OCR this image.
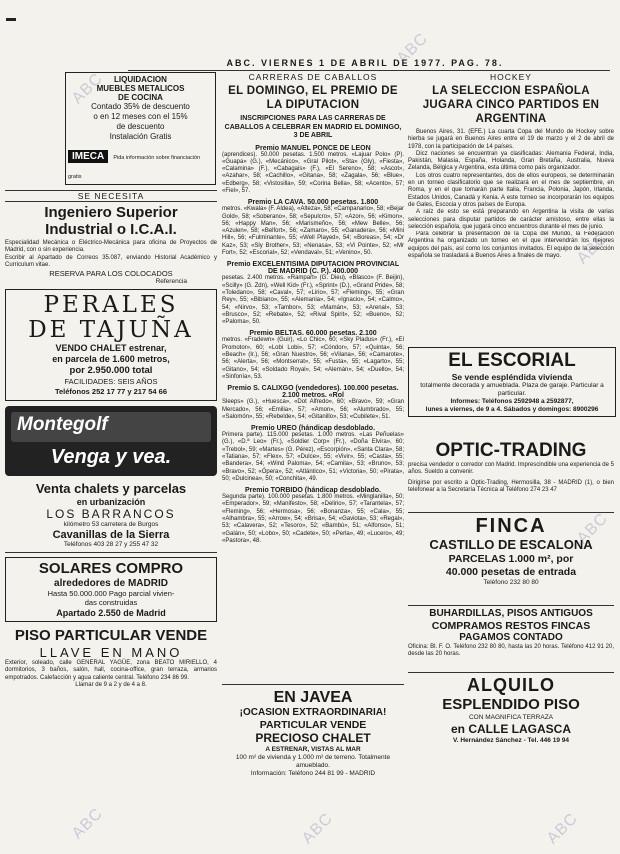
ABC
ABC
ABC
ABC
ABC	ABC	ABC
ABC. VIERNES 1 DE ABRIL DE 1977. PAG. 78.
LIQUIDACION
MUEBLES METALICOS
DE COCINA
Contado 35% de descuento
o en 12 meses con el 15%
de descuento
Instalación Gratis
IMECA Pida información sobre financiación gratis
SE NECESITA
Ingeniero Superior
Industrial o I.C.A.I.
Especialidad Mecánica o Eléctrico-Mecánica para oficina de Proyectos de Madrid, con o sin experiencia.
Escribir al Apartado de Correos 35.087, enviando Historial Académico y Curriculum vitae.
RESERVA PARA LOS COLOCADOS
Referencia
PERALES
DE TAJUÑA
VENDO CHALET estrenar,
en parcela de 1.600 metros,
por 2.950.000 total
FACILIDADES: SEIS AÑOS
Teléfonos 252 17 77 y 217 54 66
Montegolf
Venga y vea.
Venta chalets y parcelas
en urbanización
LOS BARRANCOS
kilómetro 53 carretera de Burgos
Cavanillas de la Sierra
Teléfonos 403 28 27 y 255 47 32
SOLARES COMPRO
alrededores de MADRID
Hasta 50.000.000 Pago parcial vivien-
das construidas
Apartado 2.550 de Madrid
PISO PARTICULAR VENDE
LLAVE EN MANO
Exterior, soleado, calle GENERAL YAGÜE, zona BEATO MIRIELLO, 4 dormitorios, 3 baños, salón, hall, cocina-office, gran terraza, armarios empotrados. Calefacción y agua caliente central. Teléfono 234 86 99.
Llamar de 9 a 2 y de 4 a 8.
CARRERAS DE CABALLOS
EL DOMINGO, EL PREMIO DE LA DIPUTACION
INSCRIPCIONES PARA LAS CARRERAS DE CABALLOS A CELEBRAR EN MADRID EL DOMINGO, 3 DE ABRIL
Premio MANUEL PONCE DE LEON
(aprendices). 50.000 pesetas. 1.500 metros. «Lajuar Polo» (P). «Guapa» (G.), «Mecánico», «Gral Pilot», «Sta» (Gly), «Fiesta», «Calamina» (F.), «Cabagais» (F.), «El Sereno», 58; «Ascot», «Azahar», 58; «Cachillo», «Gitana», 58; «Zagala», 56; «Blue», «Edberg», 58; «Vistosilla», 59; «Corina Bella», 58; «Acento», 57; «Fiel», 57.
Premio LA CAVA. 50.000 pesetas. 1.800
metros. «Kwala» (F. Aldea), «Alteza», 58; «Campanario», 58; «Bejar Gold», 58; «Soberano», 58; «Sepulcro», 57; «Azor», 56; «Kimon», 56; «Happy Man», 56; «Marismeño», 56; «Mew Belle», 56; «Azulen», 58; «Belfort», 56; «Zamaro», 55; «Ganadera», 56; «Mini Hill», 56; «Fulminante», 55; «Well Played», 54; «Boreas», 54; «Dr Kaz», 53; «Sly Brother», 53; «Nenasa», 53; «Vi Pointe», 52; «Mr Fort», 52; «Escorial», 52; «Vendaval», 51; «Venino», 50.
Premio EXCELENTISIMA DIPUTACION PROVINCIAL DE MADRID (C. P.). 400.000
pesetas. 2.400 metros. «Rampart» (G. Dieu), «Blasco» (F. Beijin), «Scilly» (G. Zdn), «Well Kid» (Fr.), «Sprint» (D.), «Grand Pride», 58; «Toledano», 58; «Caval», 57; «Lirio», 57; «Fleming», 55; «Gran Rey», 55; «Bibiano», 55; «Alemania», 54; «Ignacio», 54; «Calmo», 54; «Nirvo», 53; «Tambor», 53; «Mamán», 53; «Arenal», 53; «Brusco», 52; «Rebate», 52; «Rival Spirit», 52; «Bueno», 52; «Paloma», 50.
Premio BELTAS. 60.000 pesetas. 2.100
metros. «Fradewn» (Guir), «Lo Chic», 60; «Sky Pladus» (Fr.), «El Promotor», 60; «Lobi Lobi», 57; «Cóndor», 57; «Quinta», 56; «Beach» (Ir.), 56; «Gran Nuestro», 56; «Vilana», 56; «Camarote», 56; «Alerta», 56; «Montserrat», 55; «Fusta», 55; «Lagarto», 55; «Gitano», 54; «Soldado Royal», 54; «Alemán», 54; «Duello», 54; «Sinfonía», 53.
Premio S. CALIXGO (vendedores). 100.000 pesetas. 2.100 metros. «Rol
Sleeps» (G.), «Huesca», «Dot Alfredo», 60; «Bravo», 59; «Gran Mercado», 56; «Emilia», 57; «Amon», 56; «Alumbrado», 55; «Salomón», 55; «Rebelde», 54; «Gitanillo», 53; «Cubilete», 51.
Premio UREO (hándicap desdoblado.
Primera parte). 115.000 pesetas. 1.000 metros. «Las Peñuelas» (G.), «D.ª Leo» (Fr.), «Soldier Corp» (Fr.), «Doña Elvira», 60; «Trebol», 59; «Martes» (G. Pérez), «Escorpión», «Santa Clara», 58; «Tatiana», 57; «Flex», 57; «Dulce», 55; «Vivir», 55; «Casta», 55; «Bandera», 54; «Wind Paloma», 54; «Camila», 53; «Bruno», 53; «Bravo», 52; «Ópera», 52; «Atlántico», 51; «Victoria», 50; «Pirata», 50; «Dulcinea», 50; «Conchita», 49.
Premio TORBIDO (hándicap desdoblado.
Segunda parte). 100.000 pesetas. 1.800 metros. «Minglanilla», 50; «Emperador», 59; «Manifesto», 58; «Delirio», 57; «Tarantela», 57; «Fleming», 56; «Hermosa», 56; «Bonanza», 55; «Cala», 55; «Alhambra», 55; «Arrow», 54; «Brisa», 54; «Gaviota», 53; «Regal», 53; «Calavera», 52; «Tesoro», 52; «Bambú», 51; «Alfonso», 51; «Galán», 50; «Lobo», 50; «Cadete», 50; «Perla», 49; «Lucero», 49; «Pastora», 48.
EN JAVEA
¡OCASION EXTRAORDINARIA!
PARTICULAR VENDE
PRECIOSO CHALET
A ESTRENAR, VISTAS AL MAR
100 m² de vivienda y 1.000 m² de terreno. Totalmente amueblado.
Información: Teléfono 244 81 99 - MADRID
HOCKEY
LA SELECCION ESPAÑOLA JUGARA CINCO PARTIDOS EN ARGENTINA
Buenos Aires, 31. (EFE.) La cuarta Copa del Mundo de Hockey sobre hierba se jugará en Buenos Aires entre el 19 de marzo y el 2 de abril de 1978, con la participación de 14 países.
Dicz naciones se encuentran ya clasificadas: Alemania Federal, India, Pakistán, Malasia, España, Holanda, Gran Bretaña, Australia, Nueva Zelanda, Bélgica y Argentina, esta última como país organizador.
Los otros cuatro representantes, dos de ellos europeos, se determinarán en un torneo clasificatorio que se realizará en el mes de septiembre, en Roma, y en el que tomarán parte Italia, Francia, Polonia, Japón, Irlanda, Estados Unidos, Canadá y Kenia. A este torneo se incorporarán los equipos de Gales, Escocia y otros países de Europa.
A raíz de esto se está preparando en Argentina la visita de varias selecciones para disputar partidos de carácter amistoso, entre ellas la selección española, que jugará cinco encuentros durante el mes de junio.
Para celebrar la presentación de la Copa del Mundo, la Federación Argentina ha organizado un torneo en el que intervendrán los mejores equipos del país, así como los conjuntos invitados. El equipo de la selección española se trasladará a Buenos Aires a finales de mayo.
EL ESCORIAL
Se vende espléndida vivienda
totalmente decorada y amueblada. Plaza de garaje. Particular a particular.
Informes: Teléfonos 2592948 a 2592877,
lunes a viernes, de 9 a 4. Sábados y domingos: 8900296
OPTIC-TRADING
precisa vendedor o corredor con Madrid. Imprescindible una experiencia de 5 años. Sueldo a convenir.
Dirigirse por escrito a Optic-Trading, Hermosilla, 38 - MADRID (1), o bien telefonear a la Secretaría Técnica al Teléfono 274 23 47
FINCA
CASTILLO DE ESCALONA
PARCELAS 1.000 m², por
40.000 pesetas de entrada
Teléfono 232 80 80
BUHARDILLAS, PISOS ANTIGUOS
COMPRAMOS RESTOS FINCAS
PAGAMOS CONTADO
Oficina: Bl. F. O. Teléfono 232 80 80, hasta las 20 horas. Teléfono 412 91 20, desde las 20 horas.
ALQUILO
ESPLENDIDO PISO
CON MAGNIFICA TERRAZA
en CALLE LAGASCA
V. Hernández Sánchez - Tel. 446 19 94
